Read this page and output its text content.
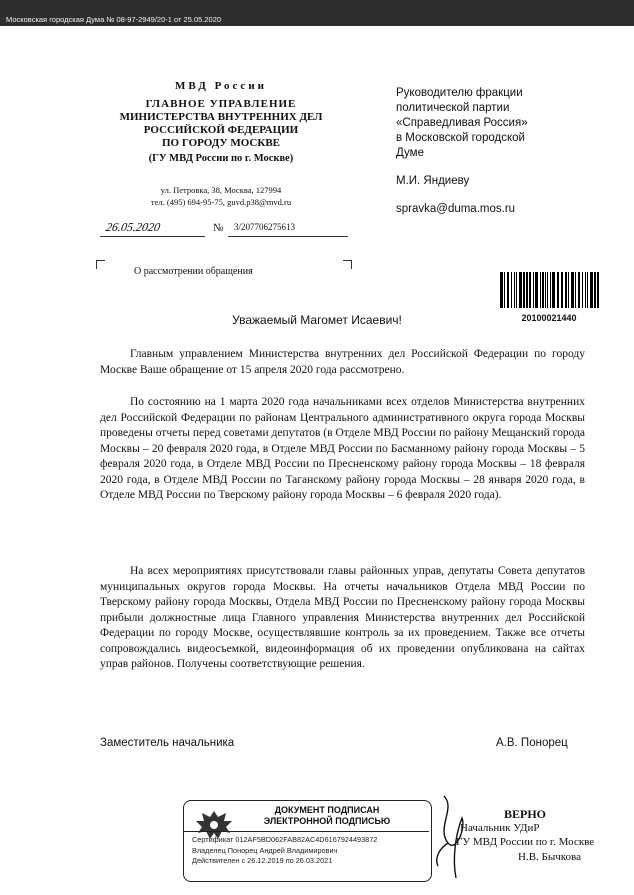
Московская городская Дума № 08-97-2949/20-1 от 25.05.2020
МВД России
ГЛАВНОЕ УПРАВЛЕНИЕ
МИНИСТЕРСТВА ВНУТРЕННИХ ДЕЛ
РОССИЙСКОЙ ФЕДЕРАЦИИ
ПО ГОРОДУ МОСКВЕ
(ГУ МВД России по г. Москве)
ул. Петровка, 38, Москва, 127994
тел. (495) 694-95-75, guvd.p38@mvd.ru
26.05.2020	№ 3/207706275613
О рассмотрении обращения
Руководителю фракции
политической партии
«Справедливая Россия»
в Московской городской
Думе
М.И. Яндиеву
spravka@duma.mos.ru
20100021440
Уважаемый Магомет Исаевич!
Главным управлением Министерства внутренних дел Российской Федерации по городу Москве Ваше обращение от 15 апреля 2020 года рассмотрено.
По состоянию на 1 марта 2020 года начальниками всех отделов Министерства внутренних дел Российской Федерации по районам Центрального административного округа города Москвы проведены отчеты перед советами депутатов (в Отделе МВД России по району Мещанский города Москвы – 20 февраля 2020 года, в Отделе МВД России по Басманному району города Москвы – 5 февраля 2020 года, в Отделе МВД России по Пресненскому району города Москвы – 18 февраля 2020 года, в Отделе МВД России по Таганскому району города Москвы – 28 января 2020 года, в Отделе МВД России по Тверскому району города Москвы – 6 февраля 2020 года).
На всех мероприятиях присутствовали главы районных управ, депутаты Совета депутатов муниципальных округов города Москвы. На отчеты начальников Отдела МВД России по Тверскому району города Москвы, Отдела МВД России по Пресненскому району города Москвы прибыли должностные лица Главного управления Министерства внутренних дел Российской Федерации по городу Москве, осуществлявшие контроль за их проведением. Также все отчеты сопровождались видеосъемкой, видеоинформация об их проведении опубликована на сайтах управ районов. Получены соответствующие решения.
Заместитель начальника	А.В. Понорец
ДОКУМЕНТ ПОДПИСАН
ЭЛЕКТРОННОЙ ПОДПИСЬЮ
Сертификат 012AF5BD062FAB82AC4D6167924493872
Владелец Понорец Андрей Владимирович
Действителен с 26.12.2019 по 26.03.2021
ВЕРНО
Начальник УДиР
ГУ МВД России по г. Москве
Н.В. Бычкова
